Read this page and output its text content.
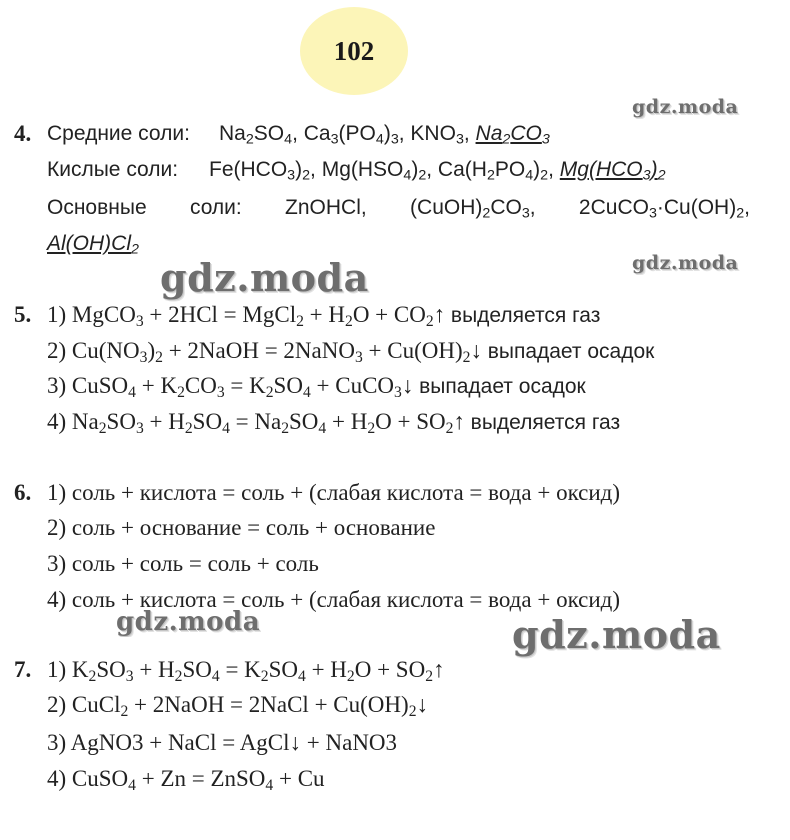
102
gdz.moda
gdz.moda	gdz.moda
gdz.moda	gdz.moda
4. Средние соли: $Na_2SO_4$, $Ca_3(PO_4)_3$, $KNO_3$, $Na_2CO_3$
Кислые соли: $Fe(HCO_3)_2$, $Mg(HSO_4)_2$, $Ca(H_2PO_4)_2$, $Mg(HCO_3)_2$
Основные соли: ZnOHCl, $(CuOH)_2CO_3$, $2CuCO_3\cdot Cu(OH)_2$,
$Al(OH)Cl_2$
5. 1) MgCO$_3$ + 2HCl = MgCl$_2$ + $H_2O$ + $CO_2↑$ выделяется газ
2) $Cu(NO_3)_2$ + 2NaOH = 2NaNO$_3$ + $Cu(OH)_2↓$ выпадает осадок
3) CuSO$_4$ + $K_2CO_3 = K_2SO_4$ + CuCO$_3$↓ выпадает осадок
4) $Na_2SO_3 + H_2SO_4 = Na_2SO_4 + H_2O$ + $SO_2↑$ выделяется газ
6. 1) соль + кислота = соль + (слабая кислота = вода + оксид)
2) соль + основание = соль + основание
3) соль + соль = соль + соль
4) соль + кислота = соль + (слабая кислота = вода + оксид)
7. 1) $K_2SO_3 + H_2SO_4 = K_2SO_4 + H_2O$ + $SO_2↑$
2) CuCl$_2$ + 2NaOH = 2NaCl + $Cu(OH)_2↓$
3) AgNO3 + NaCl = AgCl↓ + NaNO3
4) CuSO$_4$ + Zn = ZnSO$_4$ + Cu
